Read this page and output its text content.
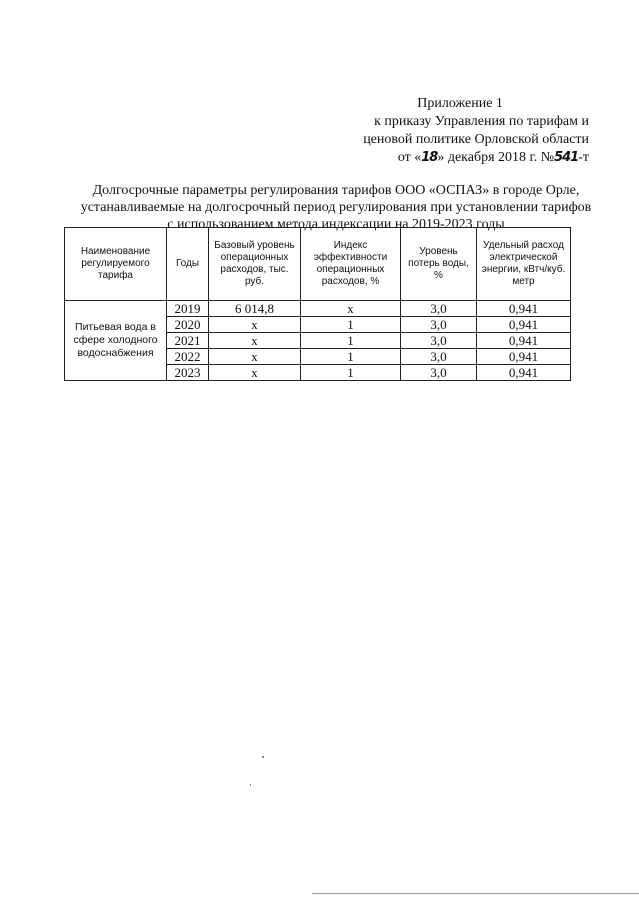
Приложение 1
к приказу Управления по тарифам и
ценовой политике Орловской области
от «18» декабря 2018 г. №541-т
Долгосрочные параметры регулирования тарифов ООО «ОСПАЗ» в городе Орле,
устанавливаемые на долгосрочный период регулирования при установлении тарифов
с использованием метода индексации на 2019-2023 годы
Наименование регулируемого тарифа	Годы	Базовый уровень операционных расходов, тыс. руб.	Индекс эффективности операционных расходов, %	Уровень потерь воды, %	Удельный расход электрической энергии, кВтч/куб. метр
Питьевая вода в сфере холодного водоснабжения	2019	6 014,8	х	3,0	0,941
	2020	х	1	3,0	0,941
	2021	х	1	3,0	0,941
	2022	х	1	3,0	0,941
	2023	х	1	3,0	0,941
